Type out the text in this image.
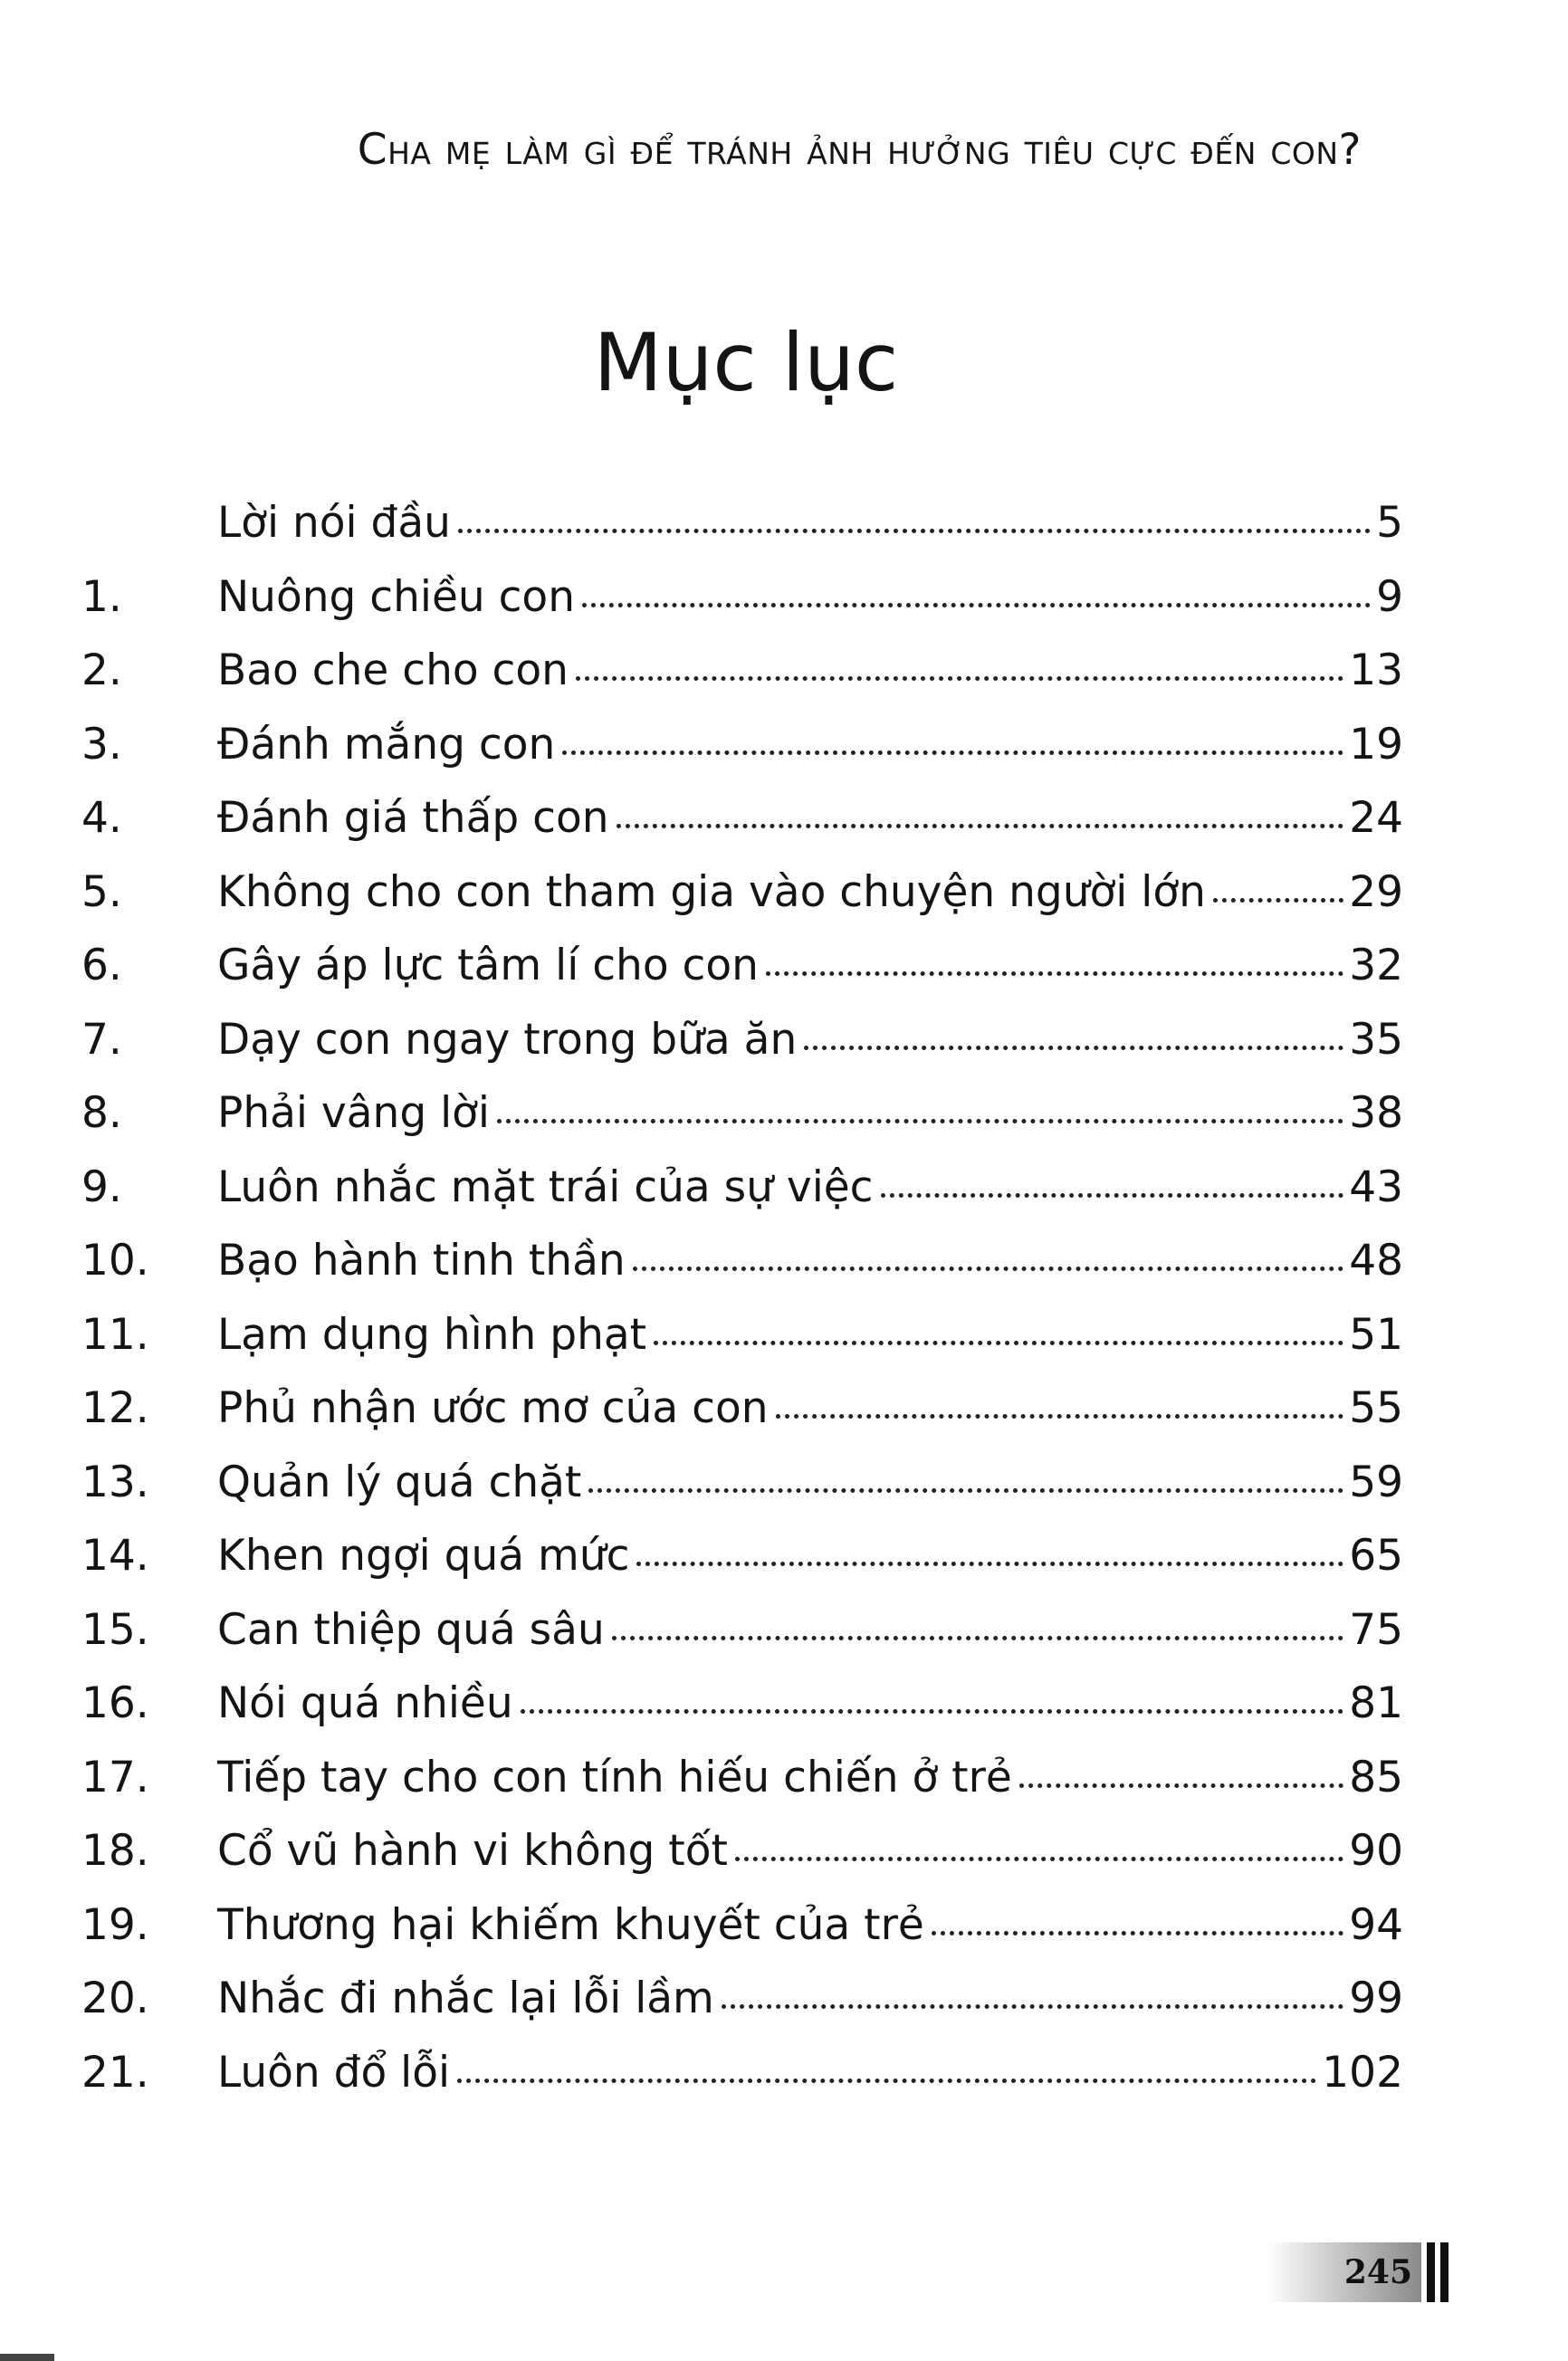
Cha mẹ làm gì để tránh ảnh hưởng tiêu cực đến con?
Mục lục
Lời nói đầu	5
1.	Nuông chiều con	9
2.	Bao che cho con	13
3.	Đánh mắng con	19
4.	Đánh giá thấp con	24
5.	Không cho con tham gia vào chuyện người lớn	29
6.	Gây áp lực tâm lí cho con	32
7.	Dạy con ngay trong bữa ăn	35
8.	Phải vâng lời	38
9.	Luôn nhắc mặt trái của sự việc	43
10.	Bạo hành tinh thần	48
11.	Lạm dụng hình phạt	51
12.	Phủ nhận ước mơ của con	55
13.	Quản lý quá chặt	59
14.	Khen ngợi quá mức	65
15.	Can thiệp quá sâu	75
16.	Nói quá nhiều	81
17.	Tiếp tay cho con tính hiếu chiến ở trẻ	85
18.	Cổ vũ hành vi không tốt	90
19.	Thương hại khiếm khuyết của trẻ	94
20.	Nhắc đi nhắc lại lỗi lầm	99
21.	Luôn đổ lỗi	102
245
